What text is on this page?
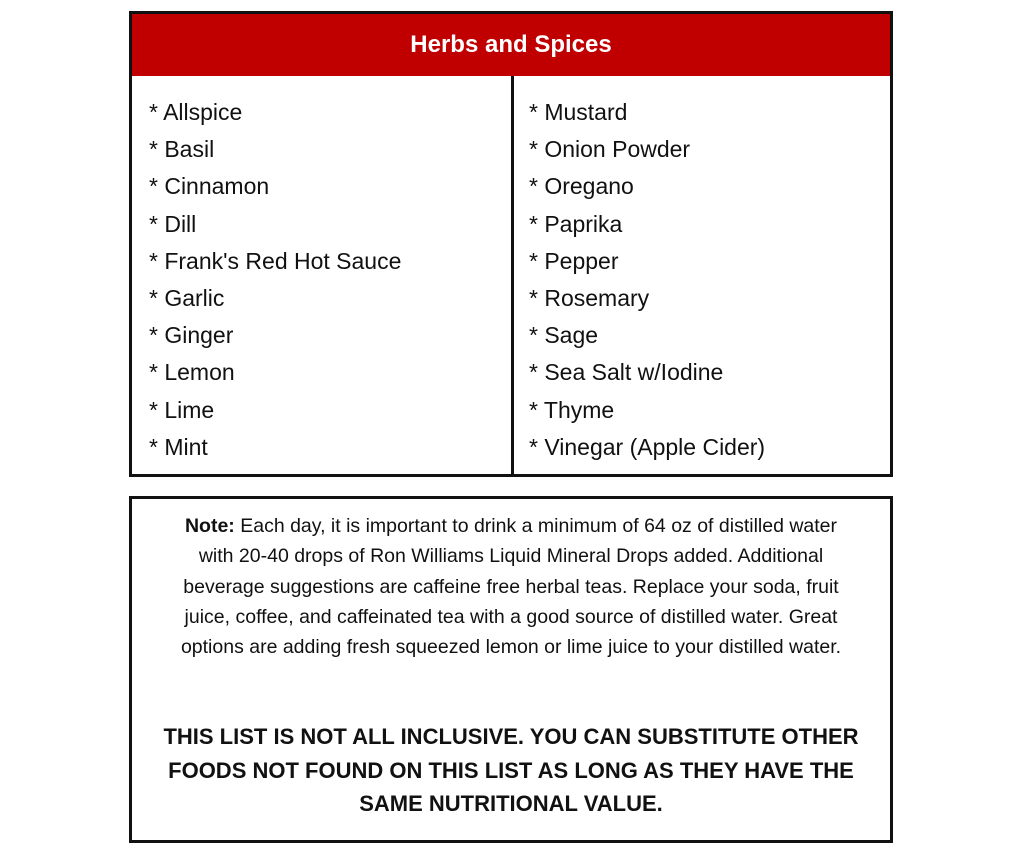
Herbs and Spices
* Allspice
* Basil
* Cinnamon
* Dill
* Frank's Red Hot Sauce
* Garlic
* Ginger
* Lemon
* Lime
* Mint
* Mustard
* Onion Powder
* Oregano
* Paprika
* Pepper
* Rosemary
* Sage
* Sea Salt w/Iodine
* Thyme
* Vinegar (Apple Cider)

Note: Each day, it is important to drink a minimum of 64 oz of distilled water with 20-40 drops of Ron Williams Liquid Mineral Drops added. Additional beverage suggestions are caffeine free herbal teas. Replace your soda, fruit juice, coffee, and caffeinated tea with a good source of distilled water. Great options are adding fresh squeezed lemon or lime juice to your distilled water.

THIS LIST IS NOT ALL INCLUSIVE. YOU CAN SUBSTITUTE OTHER FOODS NOT FOUND ON THIS LIST AS LONG AS THEY HAVE THE SAME NUTRITIONAL VALUE.
